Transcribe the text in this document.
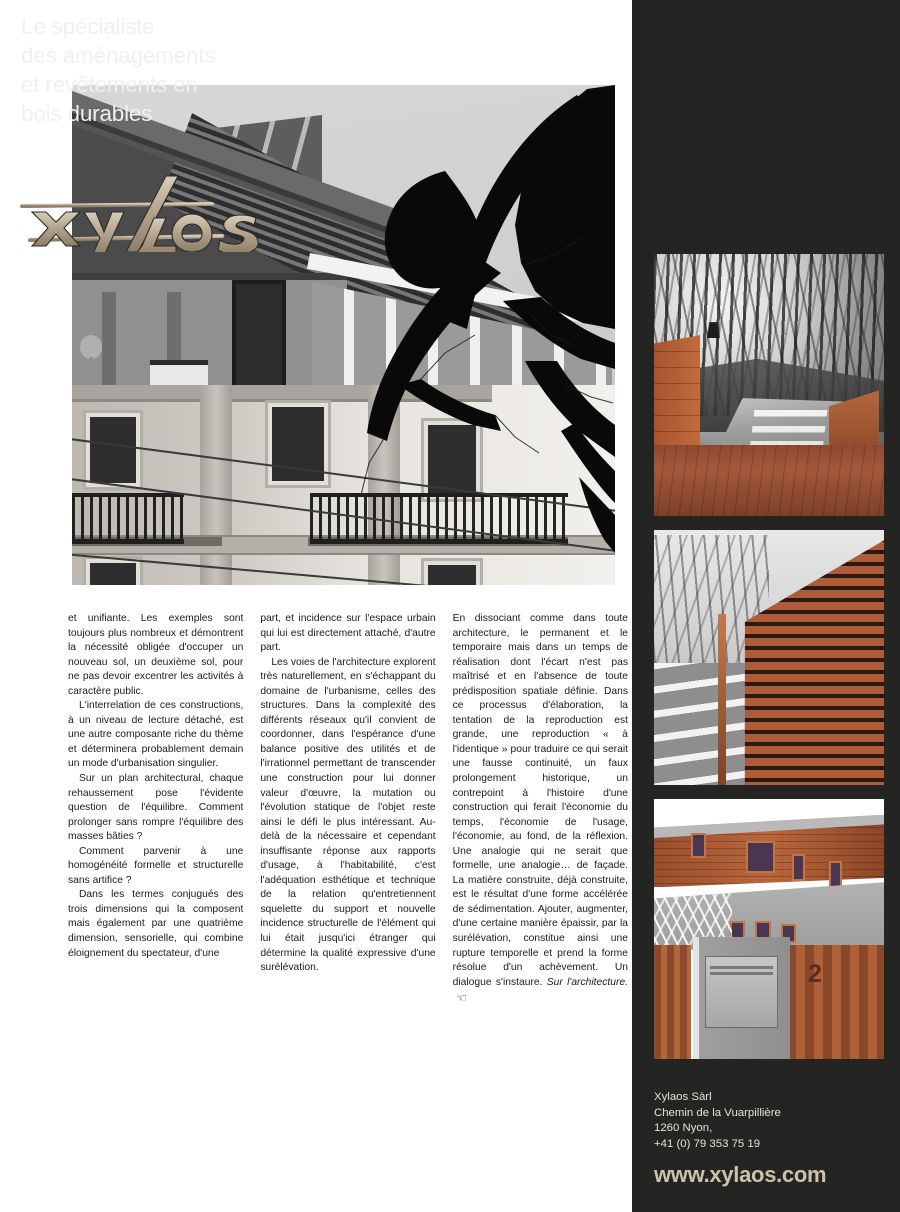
et unifiante. Les exemples sont toujours plus nombreux et démontrent la nécessité obligée d'occuper un nouveau sol, un deuxième sol, pour ne pas devoir excentrer les activités à caractère public.

L'interrelation de ces constructions, à un niveau de lecture détaché, est une autre composante riche du thème et déterminera probablement demain un mode d'urbanisation singulier.

Sur un plan architectural, chaque rehaussement pose l'évidente question de l'équilibre. Comment prolonger sans rompre l'équilibre des masses bâties ?

Comment parvenir à une homogénéité formelle et structurelle sans artifice ?

Dans les termes conjugués des trois dimensions qui la composent mais également par une quatrième dimension, sensorielle, qui combine éloignement du spectateur, d'une

part, et incidence sur l'espace urbain qui lui est directement attaché, d'autre part.

Les voies de l'architecture explorent très naturellement, en s'échappant du domaine de l'urbanisme, celles des structures. Dans la complexité des différents réseaux qu'il convient de coordonner, dans l'espérance d'une balance positive des utilités et de l'irrationnel permettant de transcender une construction pour lui donner valeur d'œuvre, la mutation ou l'évolution statique de l'objet reste ainsi le défi le plus intéressant. Au-delà de la nécessaire et cependant insuffisante réponse aux rapports d'usage, à l'habitabilité, c'est l'adéquation esthétique et technique de la relation qu'entretiennent squelette du support et nouvelle incidence structurelle de l'élément qui lui était jusqu'ici étranger qui détermine la qualité expressive d'une surélévation.

En dissociant comme dans toute architecture, le permanent et le temporaire mais dans un temps de réalisation dont l'écart n'est pas maîtrisé et en l'absence de toute prédisposition spatiale définie. Dans ce processus d'élaboration, la tentation de la reproduction est grande, une reproduction « à l'identique » pour traduire ce qui serait une fausse continuité, un faux prolongement historique, un contrepoint à l'histoire d'une construction qui ferait l'économie du temps, l'économie de l'usage, l'économie, au fond, de la réflexion. Une analogie qui ne serait que formelle, une analogie… de façade. La matière construite, déjà construite, est le résultat d'une forme accélérée de sédimentation. Ajouter, augmenter, d'une certaine manière épaissir, par la surélévation, constitue ainsi une rupture temporelle et prend la forme résolue d'un achèvement. Un dialogue s'instaure. Sur l'architecture.☞

Le spécialiste
des aménagements
et revêtements en
bois durables
2
Xylaos Sàrl
Chemin de la Vuarpillière
1260 Nyon,
+41 (0) 79 353 75 19
www.xylaos.com
